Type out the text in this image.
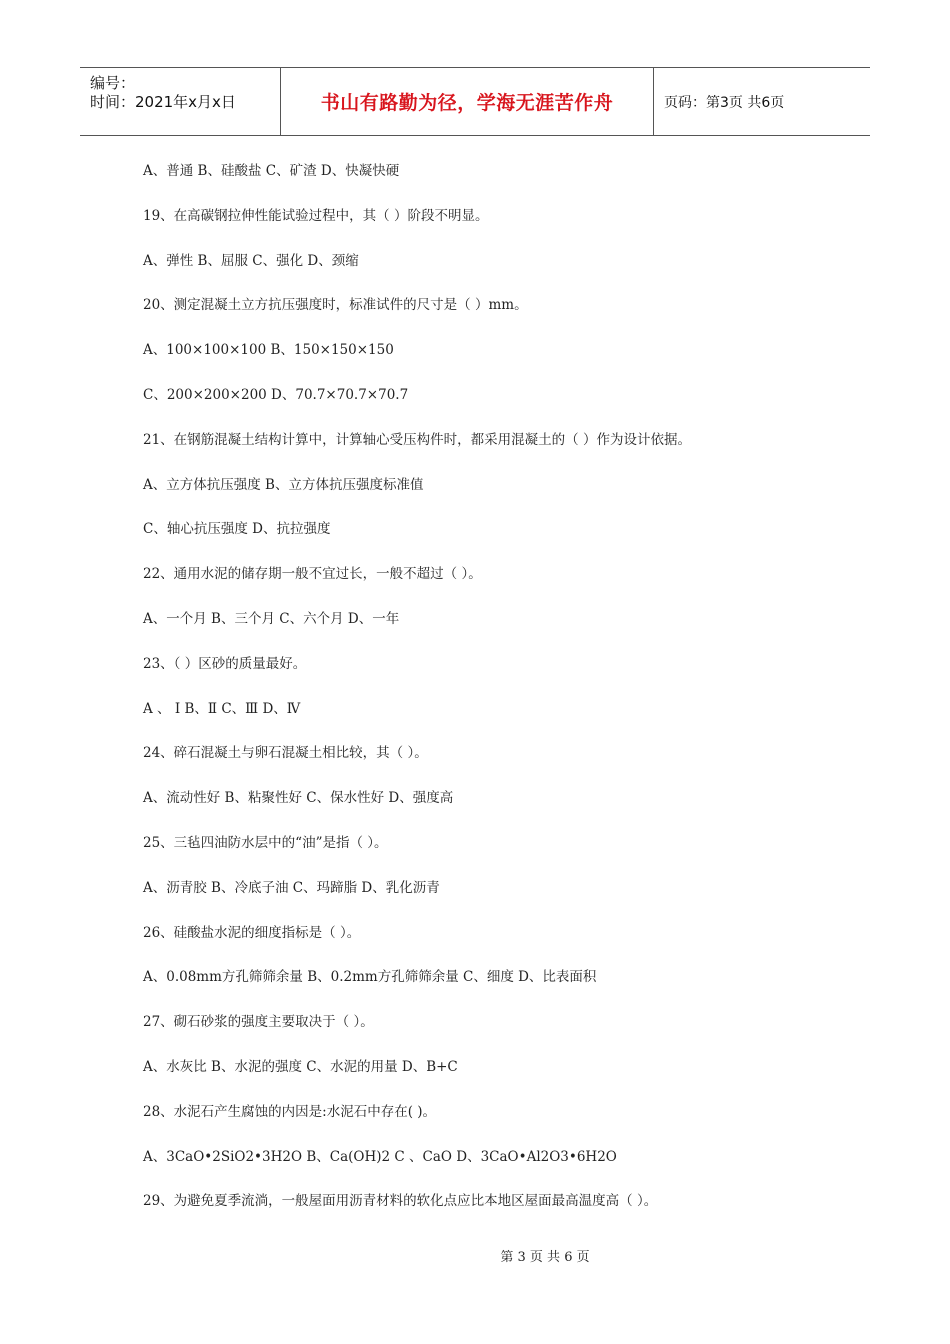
编号：
时间：2021年x月x日	书山有路勤为径，学海无涯苦作舟	页码：第3页 共6页
A、普通 B、硅酸盐 C、矿渣 D、快凝快硬
19、在高碳钢拉伸性能试验过程中，其（ ）阶段不明显。
A、弹性 B、屈服 C、强化 D、颈缩
20、测定混凝土立方抗压强度时，标准试件的尺寸是（ ）mm。
A、100×100×100 B、150×150×150
C、200×200×200 D、70.7×70.7×70.7
21、在钢筋混凝土结构计算中，计算轴心受压构件时，都采用混凝土的（ ）作为设计依据。
A、立方体抗压强度 B、立方体抗压强度标准值
C、轴心抗压强度 D、抗拉强度
22、通用水泥的储存期一般不宜过长，一般不超过（ ）。
A、一个月 B、三个月 C、六个月 D、一年
23、（ ）区砂的质量最好。
A 、 Ⅰ B、Ⅱ C、Ⅲ D、Ⅳ
24、碎石混凝土与卵石混凝土相比较，其（ ）。
A、流动性好 B、粘聚性好 C、保水性好 D、强度高
25、三毡四油防水层中的“油”是指（ ）。
A、沥青胶 B、冷底子油 C、玛蹄脂 D、乳化沥青
26、硅酸盐水泥的细度指标是（ ）。
A、0.08mm方孔筛筛余量 B、0.2mm方孔筛筛余量 C、细度 D、比表面积
27、砌石砂浆的强度主要取决于（ ）。
A、水灰比 B、水泥的强度 C、水泥的用量 D、B+C
28、水泥石产生腐蚀的内因是:水泥石中存在( )。
A、3CaO•2SiO2•3H2O B、Ca(OH)2 C 、CaO D、3CaO•Al2O3•6H2O
29、为避免夏季流淌，一般屋面用沥青材料的软化点应比本地区屋面最高温度高（ ）。
第 3 页 共 6 页
